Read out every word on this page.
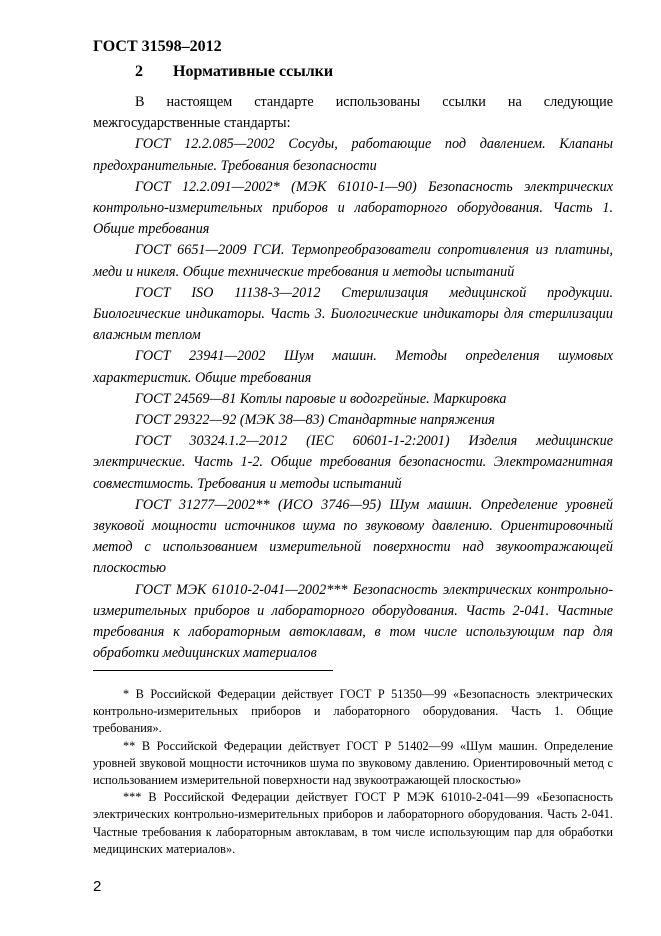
ГОСТ 31598–2012
2 Нормативные ссылки

В настоящем стандарте использованы ссылки на следующие межгосударственные стандарты:

ГОСТ 12.2.085—2002 Сосуды, работающие под давлением. Клапаны предохранительные. Требования безопасности

ГОСТ 12.2.091—2002* (МЭК 61010-1—90) Безопасность электрических контрольно-измерительных приборов и лабораторного оборудования. Часть 1. Общие требования

ГОСТ 6651—2009 ГСИ. Термопреобразователи сопротивления из платины, меди и никеля. Общие технические требования и методы испытаний

ГОСТ ISO 11138-3—2012 Стерилизация медицинской продукции. Биологические индикаторы. Часть 3. Биологические индикаторы для стерилизации влажным теплом

ГОСТ 23941—2002 Шум машин. Методы определения шумовых характеристик. Общие требования

ГОСТ 24569—81 Котлы паровые и водогрейные. Маркировка

ГОСТ 29322—92 (МЭК 38—83) Стандартные напряжения

ГОСТ 30324.1.2—2012 (IEC 60601-1-2:2001) Изделия медицинские электрические. Часть 1-2. Общие требования безопасности. Электромагнитная совместимость. Требования и методы испытаний

ГОСТ 31277—2002** (ИСО 3746—95) Шум машин. Определение уровней звуковой мощности источников шума по звуковому давлению. Ориентировочный метод с использованием измерительной поверхности над звукоотражающей плоскостью

ГОСТ МЭК 61010-2-041—2002*** Безопасность электрических контрольно-измерительных приборов и лабораторного оборудования. Часть 2-041. Частные требования к лабораторным автоклавам, в том числе использующим пар для обработки медицинских материалов

* В Российской Федерации действует ГОСТ Р 51350—99 «Безопасность электрических контрольно-измерительных приборов и лабораторного оборудования. Часть 1. Общие требования».

** В Российской Федерации действует ГОСТ Р 51402—99 «Шум машин. Определение уровней звуковой мощности источников шума по звуковому давлению. Ориентировочный метод с использованием измерительной поверхности над звукоотражающей плоскостью»

*** В Российской Федерации действует ГОСТ Р МЭК 61010-2-041—99 «Безопасность электрических контрольно-измерительных приборов и лабораторного оборудования. Часть 2-041. Частные требования к лабораторным автоклавам, в том числе использующим пар для обработки медицинских материалов».

2
